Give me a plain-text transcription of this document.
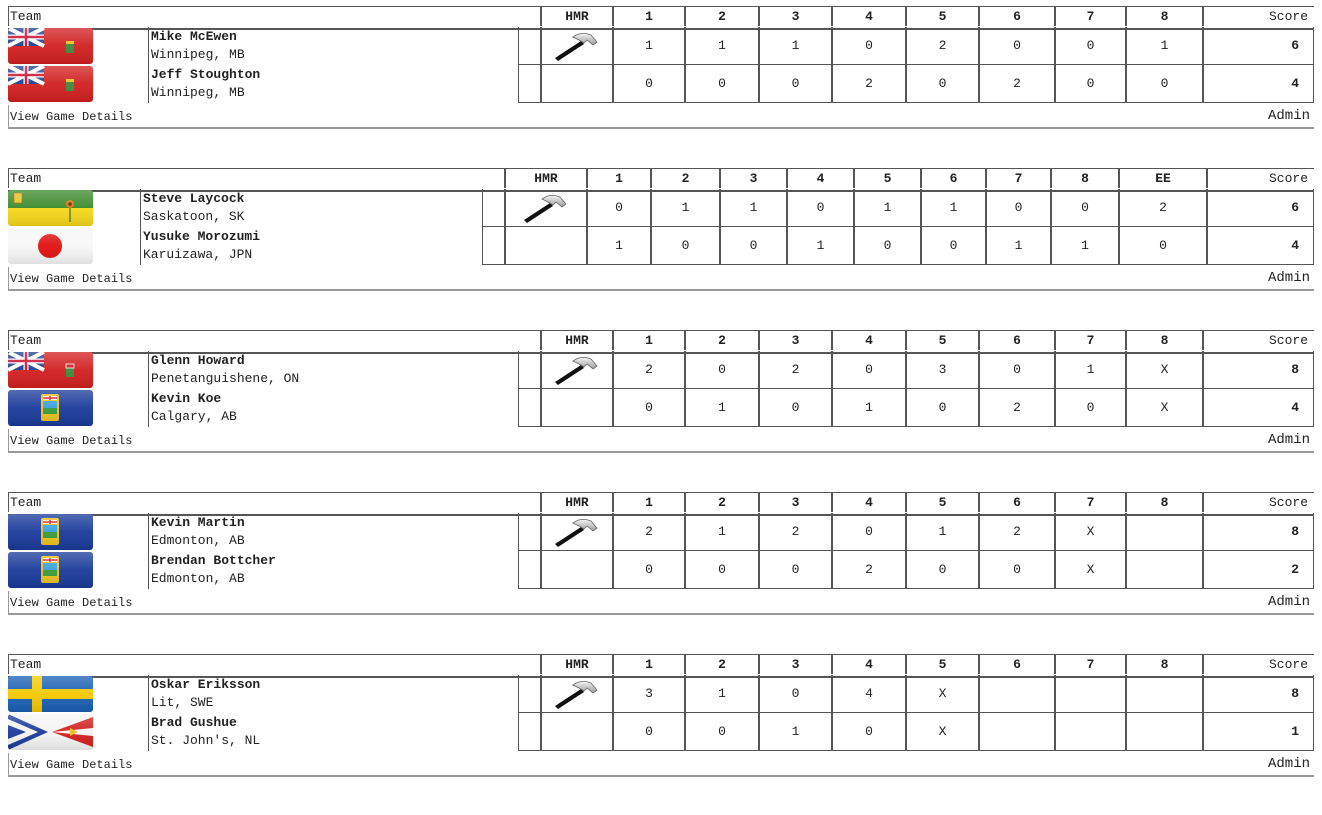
Team	HMR	1	2	3	4	5	6	7	8	Score
Mike McEwen
Winnipeg, MB
1	1	1	0	2	0	0	1	6
Jeff Stoughton
Winnipeg, MB
0	0	0	2	0	2	0	0	4
View Game Details	Admin
Team	HMR	1	2	3	4	5	6	7	8	EE	Score
Steve Laycock
Saskatoon, SK
0	1	1	0	1	1	0	0	2	6
Yusuke Morozumi
Karuizawa, JPN
1	0	0	1	0	0	1	1	0	4
View Game Details	Admin
Team	HMR	1	2	3	4	5	6	7	8	Score
Glenn Howard
Penetanguishene, ON
2	0	2	0	3	0	1	X	8
Kevin Koe
Calgary, AB
0	1	0	1	0	2	0	X	4
View Game Details	Admin
Team	HMR	1	2	3	4	5	6	7	8	Score
Kevin Martin
Edmonton, AB
2	1	2	0	1	2	X	8
Brendan Bottcher
Edmonton, AB
0	0	0	2	0	0	X	2
View Game Details	Admin
Team	HMR	1	2	3	4	5	6	7	8	Score
Oskar Eriksson
Lit, SWE
3	1	0	4	X	8
Brad Gushue
St. John's, NL
0	0	1	0	X	1
View Game Details	Admin
